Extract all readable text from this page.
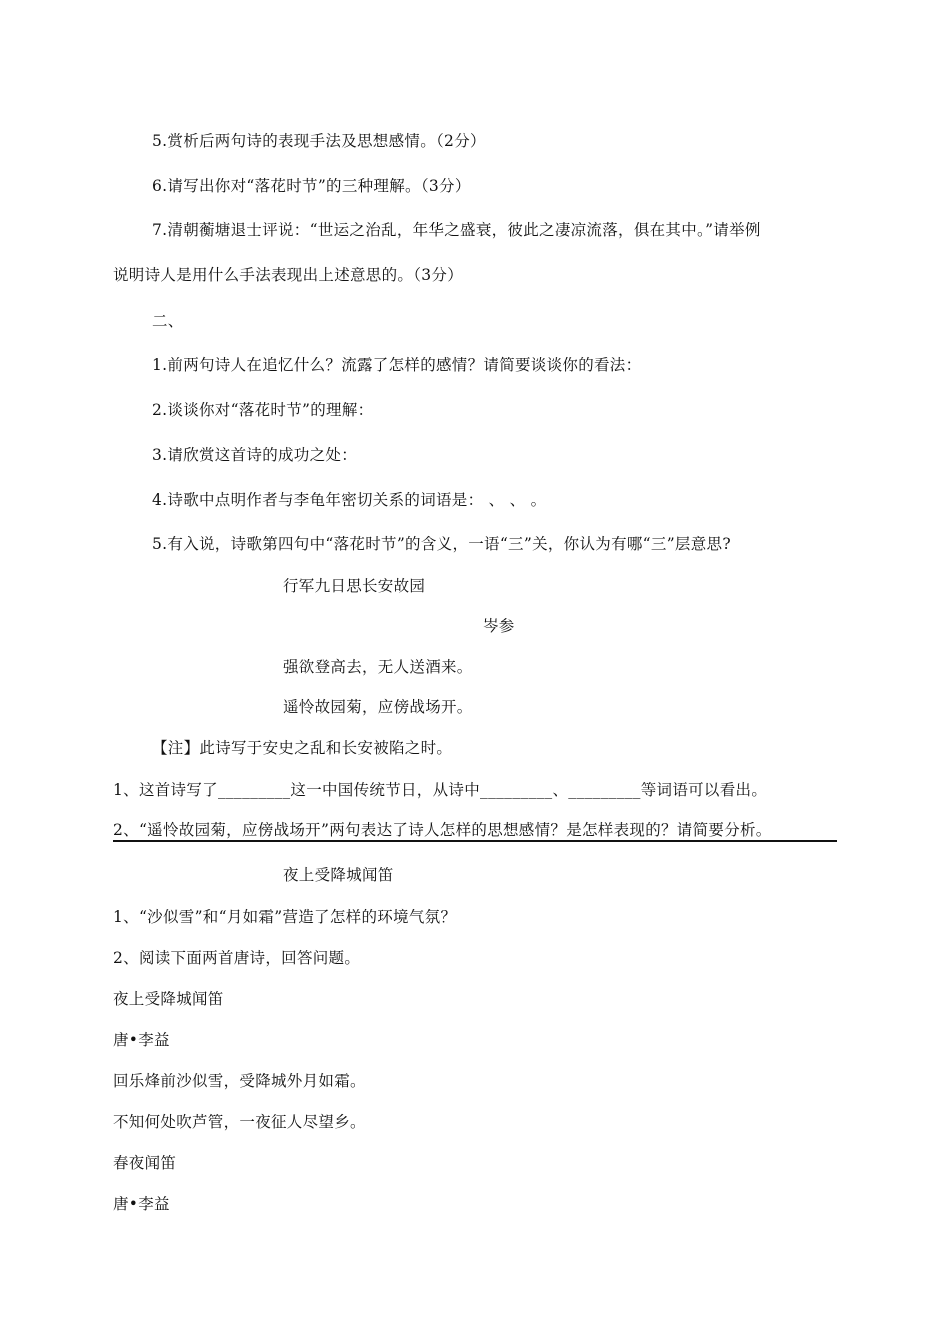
5.赏析后两句诗的表现手法及思想感情。（2分）
6.请写出你对“落花时节”的三种理解。（3分）
7.清朝蘅塘退士评说：“世运之治乱，年华之盛衰，彼此之凄凉流落，俱在其中。”请举例
说明诗人是用什么手法表现出上述意思的。（3分）
二、
1.前两句诗人在追忆什么？流露了怎样的感情？请简要谈谈你的看法：
2.谈谈你对“落花时节”的理解：
3.请欣赏这首诗的成功之处：
4.诗歌中点明作者与李龟年密切关系的词语是： 、 、 。
5.有入说，诗歌第四句中“落花时节”的含义，一语“三”关，你认为有哪“三”层意思?
行军九日思长安故园
岑参
强欲登高去，无人送酒来。
遥怜故园菊，应傍战场开。
【注】此诗写于安史之乱和长安被陷之时。
1、这首诗写了_________这一中国传统节日，从诗中_________、_________等词语可以看出。
2、“遥怜故园菊，应傍战场开”两句表达了诗人怎样的思想感情？是怎样表现的？请简要分析。
夜上受降城闻笛
1、“沙似雪”和“月如霜”营造了怎样的环境气氛？
2、阅读下面两首唐诗，回答问题。
夜上受降城闻笛
唐•李益
回乐烽前沙似雪，受降城外月如霜。
不知何处吹芦管，一夜征人尽望乡。
春夜闻笛
唐•李益
